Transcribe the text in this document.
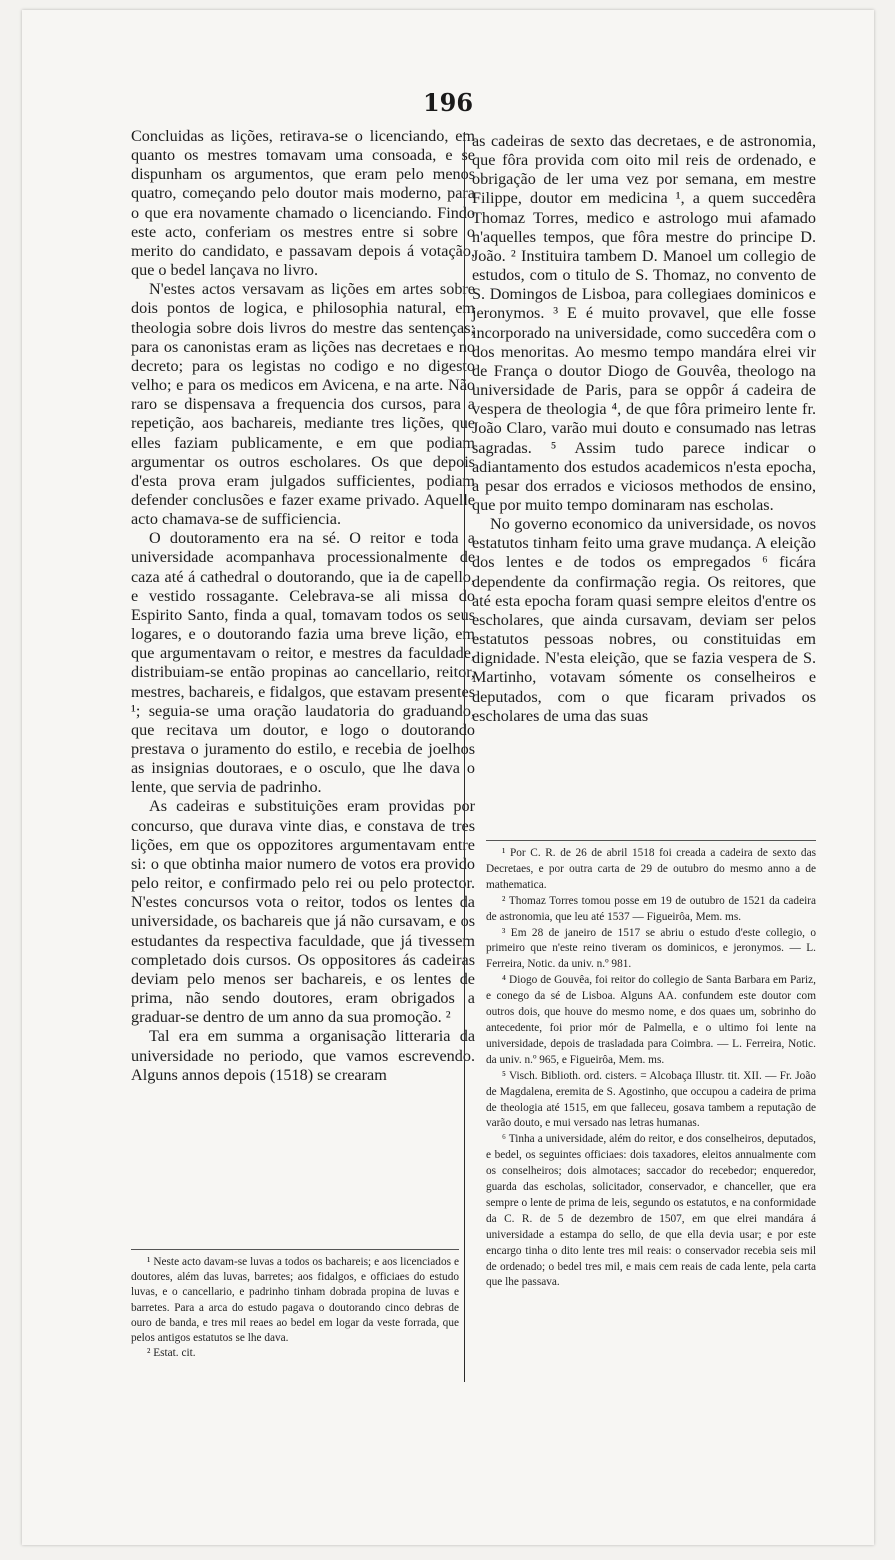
196

Concluidas as lições, retirava-se o licenciando, em quanto os mestres tomavam uma consoada, e se dispunham os argumentos, que eram pelo menos quatro, começando pelo doutor mais moderno, para o que era novamente chamado o licenciando. Findo este acto, conferiam os mestres entre si sobre o merito do candidato, e passavam depois á votação, que o bedel lançava no livro.

N'estes actos versavam as lições em artes sobre dois pontos de logica, e philosophia natural, em theologia sobre dois livros do mestre das sentenças; para os canonistas eram as lições nas decretaes e no decreto; para os legistas no codigo e no digesto velho; e para os medicos em Avicena, e na arte. Não raro se dispensava a frequencia dos cursos, para a repetição, aos bachareis, mediante tres lições, que elles faziam publicamente, e em que podiam argumentar os outros escholares. Os que depois d'esta prova eram julgados sufficientes, podiam defender conclusões e fazer exame privado. Aquelle acto chamava-se de sufficiencia.

O doutoramento era na sé. O reitor e toda a universidade acompanhava processionalmente de caza até á cathedral o doutorando, que ia de capello, e vestido rossagante. Celebrava-se ali missa do Espirito Santo, finda a qual, tomavam todos os seus logares, e o doutorando fazia uma breve lição, em que argumentavam o reitor, e mestres da faculdade, distribuiam-se então propinas ao cancellario, reitor, mestres, bachareis, e fidalgos, que estavam presentes ¹; seguia-se uma oração laudatoria do graduando, que recitava um doutor, e logo o doutorando prestava o juramento do estilo, e recebia de joelhos as insignias doutoraes, e o osculo, que lhe dava o lente, que servia de padrinho.

As cadeiras e substituições eram providas por concurso, que durava vinte dias, e constava de tres lições, em que os oppozitores argumentavam entre si: o que obtinha maior numero de votos era provido pelo reitor, e confirmado pelo rei ou pelo protector. N'estes concursos vota o reitor, todos os lentes da universidade, os bachareis que já não cursavam, e os estudantes da respectiva faculdade, que já tivessem completado dois cursos. Os oppositores ás cadeiras deviam pelo menos ser bachareis, e os lentes de prima, não sendo doutores, eram obrigados a graduar-se dentro de um anno da sua promoção. ²

Tal era em summa a organisação litteraria da universidade no periodo, que vamos escrevendo. Alguns annos depois (1518) se crearam

as cadeiras de sexto das decretaes, e de astronomia, que fôra provida com oito mil reis de ordenado, e obrigação de ler uma vez por semana, em mestre Filippe, doutor em medicina ¹, a quem succedêra Thomaz Torres, medico e astrologo mui afamado n'aquelles tempos, que fôra mestre do principe D. João. ² Instituira tambem D. Manoel um collegio de estudos, com o titulo de S. Thomaz, no convento de S. Domingos de Lisboa, para collegiaes dominicos e jeronymos. ³ E é muito provavel, que elle fosse incorporado na universidade, como succedêra com o dos menoritas. Ao mesmo tempo mandára elrei vir de França o doutor Diogo de Gouvêa, theologo na universidade de Paris, para se oppôr á cadeira de vespera de theologia ⁴, de que fôra primeiro lente fr. João Claro, varão mui douto e consumado nas letras sagradas. ⁵ Assim tudo parece indicar o adiantamento dos estudos academicos n'esta epocha, a pesar dos errados e viciosos methodos de ensino, que por muito tempo dominaram nas escholas.

No governo economico da universidade, os novos estatutos tinham feito uma grave mudança. A eleição dos lentes e de todos os empregados ⁶ ficára dependente da confirmação regia. Os reitores, que até esta epocha foram quasi sempre eleitos d'entre os escholares, que ainda cursavam, deviam ser pelos estatutos pessoas nobres, ou constituidas em dignidade. N'esta eleição, que se fazia vespera de S. Martinho, votavam sómente os conselheiros e deputados, com o que ficaram privados os escholares de uma das suas

¹ Neste acto davam-se luvas a todos os bachareis; e aos licenciados e doutores, além das luvas, barretes; aos fidalgos, e officiaes do estudo luvas, e o cancellario, e padrinho tinham dobrada propina de luvas e barretes. Para a arca do estudo pagava o doutorando cinco debras de ouro de banda, e tres mil reaes ao bedel em logar da veste forrada, que pelos antigos estatutos se lhe dava.

² Estat. cit.

¹ Por C. R. de 26 de abril 1518 foi creada a cadeira de sexto das Decretaes, e por outra carta de 29 de outubro do mesmo anno a de mathematica.

² Thomaz Torres tomou posse em 19 de outubro de 1521 da cadeira de astronomia, que leu até 1537 — Figueirôa, Mem. ms.

³ Em 28 de janeiro de 1517 se abriu o estudo d'este collegio, o primeiro que n'este reino tiveram os dominicos, e jeronymos. — L. Ferreira, Notic. da univ. n.º 981.

⁴ Diogo de Gouvêa, foi reitor do collegio de Santa Barbara em Pariz, e conego da sé de Lisboa. Alguns AA. confundem este doutor com outros dois, que houve do mesmo nome, e dos quaes um, sobrinho do antecedente, foi prior mór de Palmella, e o ultimo foi lente na universidade, depois de trasladada para Coimbra. — L. Ferreira, Notic. da univ. n.º 965, e Figueirôa, Mem. ms.

⁵ Visch. Biblioth. ord. cisters. = Alcobaça Illustr. tit. XII. — Fr. João de Magdalena, eremita de S. Agostinho, que occupou a cadeira de prima de theologia até 1515, em que falleceu, gosava tambem a reputação de varão douto, e mui versado nas letras humanas.

⁶ Tinha a universidade, além do reitor, e dos conselheiros, deputados, e bedel, os seguintes officiaes: dois taxadores, eleitos annualmente com os conselheiros; dois almotaces; saccador do recebedor; enqueredor, guarda das escholas, solicitador, conservador, e chanceller, que era sempre o lente de prima de leis, segundo os estatutos, e na conformidade da C. R. de 5 de dezembro de 1507, em que elrei mandára á universidade a estampa do sello, de que ella devia usar; e por este encargo tinha o dito lente tres mil reais: o conservador recebia seis mil de ordenado; o bedel tres mil, e mais cem reais de cada lente, pela carta que lhe passava.
